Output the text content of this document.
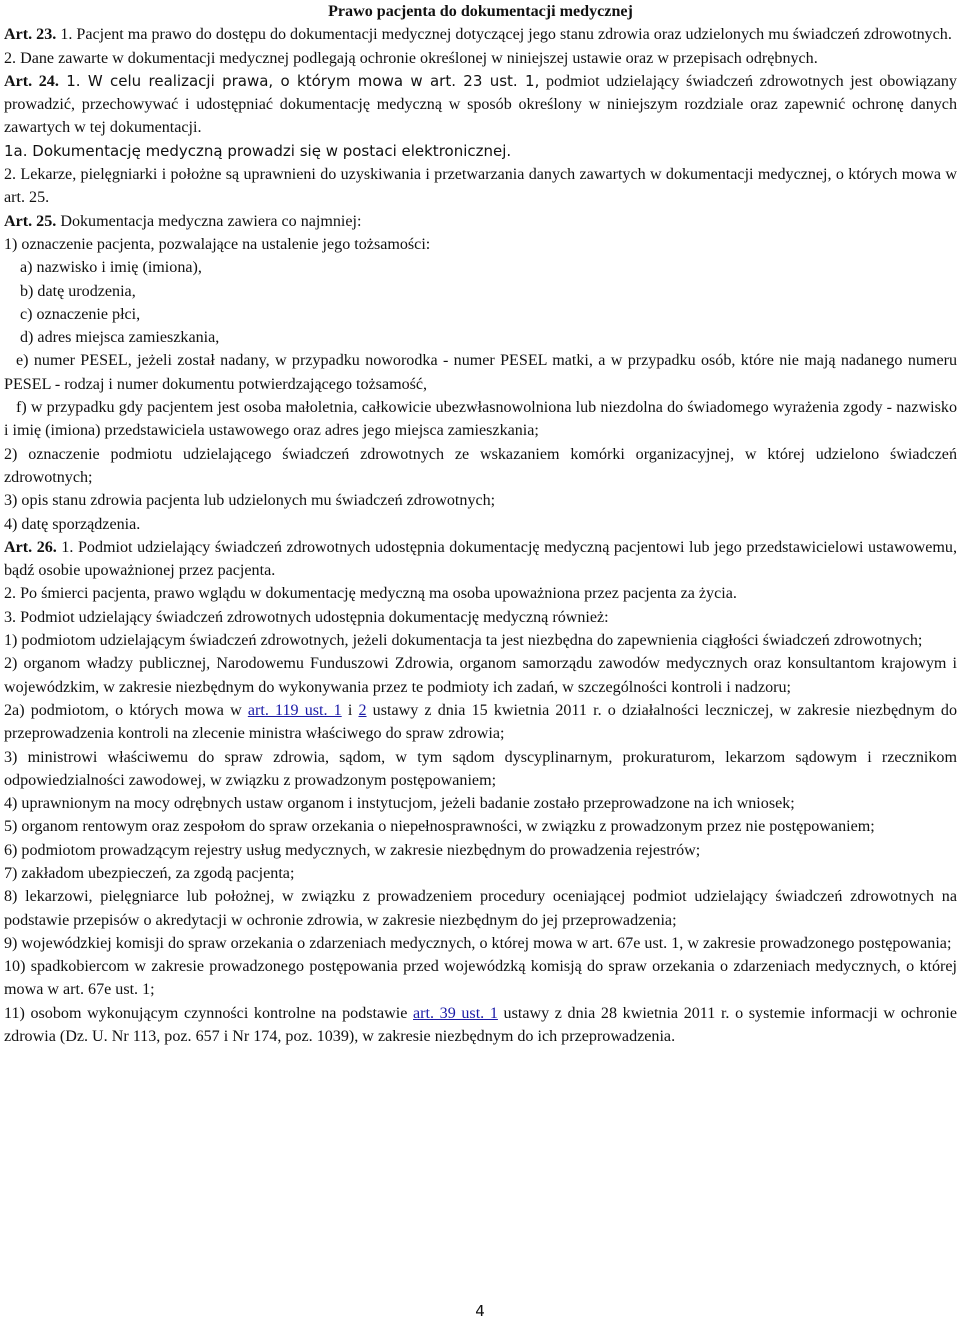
Prawo pacjenta do dokumentacji medycznej

Art. 23. 1. Pacjent ma prawo do dostępu do dokumentacji medycznej dotyczącej jego stanu zdrowia oraz udzielonych mu świadczeń zdrowotnych.

2. Dane zawarte w dokumentacji medycznej podlegają ochronie określonej w niniejszej ustawie oraz w przepisach odrębnych.

Art. 24. 1. W celu realizacji prawa, o którym mowa w art. 23 ust. 1, podmiot udzielający świadczeń zdrowotnych jest obowiązany prowadzić, przechowywać i udostępniać dokumentację medyczną w sposób określony w niniejszym rozdziale oraz zapewnić ochronę danych zawartych w tej dokumentacji.

1a. Dokumentację medyczną prowadzi się w postaci elektronicznej.

2. Lekarze, pielęgniarki i położne są uprawnieni do uzyskiwania i przetwarzania danych zawartych w dokumentacji medycznej, o których mowa w art. 25.

Art. 25. Dokumentacja medyczna zawiera co najmniej:

1) oznaczenie pacjenta, pozwalające na ustalenie jego tożsamości:

a) nazwisko i imię (imiona),

b) datę urodzenia,

c) oznaczenie płci,

d) adres miejsca zamieszkania,

e) numer PESEL, jeżeli został nadany, w przypadku noworodka - numer PESEL matki, a w przypadku osób, które nie mają nadanego numeru PESEL - rodzaj i numer dokumentu potwierdzającego tożsamość,

f) w przypadku gdy pacjentem jest osoba małoletnia, całkowicie ubezwłasnowolniona lub niezdolna do świadomego wyrażenia zgody - nazwisko i imię (imiona) przedstawiciela ustawowego oraz adres jego miejsca zamieszkania;

2) oznaczenie podmiotu udzielającego świadczeń zdrowotnych ze wskazaniem komórki organizacyjnej, w której udzielono świadczeń zdrowotnych;

3) opis stanu zdrowia pacjenta lub udzielonych mu świadczeń zdrowotnych;

4) datę sporządzenia.

Art. 26. 1. Podmiot udzielający świadczeń zdrowotnych udostępnia dokumentację medyczną pacjentowi lub jego przedstawicielowi ustawowemu, bądź osobie upoważnionej przez pacjenta.

2. Po śmierci pacjenta, prawo wglądu w dokumentację medyczną ma osoba upoważniona przez pacjenta za życia.

3. Podmiot udzielający świadczeń zdrowotnych udostępnia dokumentację medyczną również:

1) podmiotom udzielającym świadczeń zdrowotnych, jeżeli dokumentacja ta jest niezbędna do zapewnienia ciągłości świadczeń zdrowotnych;

2) organom władzy publicznej, Narodowemu Funduszowi Zdrowia, organom samorządu zawodów medycznych oraz konsultantom krajowym i wojewódzkim, w zakresie niezbędnym do wykonywania przez te podmioty ich zadań, w szczególności kontroli i nadzoru;

2a) podmiotom, o których mowa w art. 119 ust. 1 i 2 ustawy z dnia 15 kwietnia 2011 r. o działalności leczniczej, w zakresie niezbędnym do przeprowadzenia kontroli na zlecenie ministra właściwego do spraw zdrowia;

3) ministrowi właściwemu do spraw zdrowia, sądom, w tym sądom dyscyplinarnym, prokuraturom, lekarzom sądowym i rzecznikom odpowiedzialności zawodowej, w związku z prowadzonym postępowaniem;

4) uprawnionym na mocy odrębnych ustaw organom i instytucjom, jeżeli badanie zostało przeprowadzone na ich wniosek;

5) organom rentowym oraz zespołom do spraw orzekania o niepełnosprawności, w związku z prowadzonym przez nie postępowaniem;

6) podmiotom prowadzącym rejestry usług medycznych, w zakresie niezbędnym do prowadzenia rejestrów;

7) zakładom ubezpieczeń, za zgodą pacjenta;

8) lekarzowi, pielęgniarce lub położnej, w związku z prowadzeniem procedury oceniającej podmiot udzielający świadczeń zdrowotnych na podstawie przepisów o akredytacji w ochronie zdrowia, w zakresie niezbędnym do jej przeprowadzenia;

9) wojewódzkiej komisji do spraw orzekania o zdarzeniach medycznych, o której mowa w art. 67e ust. 1, w zakresie prowadzonego postępowania;

10) spadkobiercom w zakresie prowadzonego postępowania przed wojewódzką komisją do spraw orzekania o zdarzeniach medycznych, o której mowa w art. 67e ust. 1;

11) osobom wykonującym czynności kontrolne na podstawie art. 39 ust. 1 ustawy z dnia 28 kwietnia 2011 r. o systemie informacji w ochronie zdrowia (Dz. U. Nr 113, poz. 657 i Nr 174, poz. 1039), w zakresie niezbędnym do ich przeprowadzenia.

4
